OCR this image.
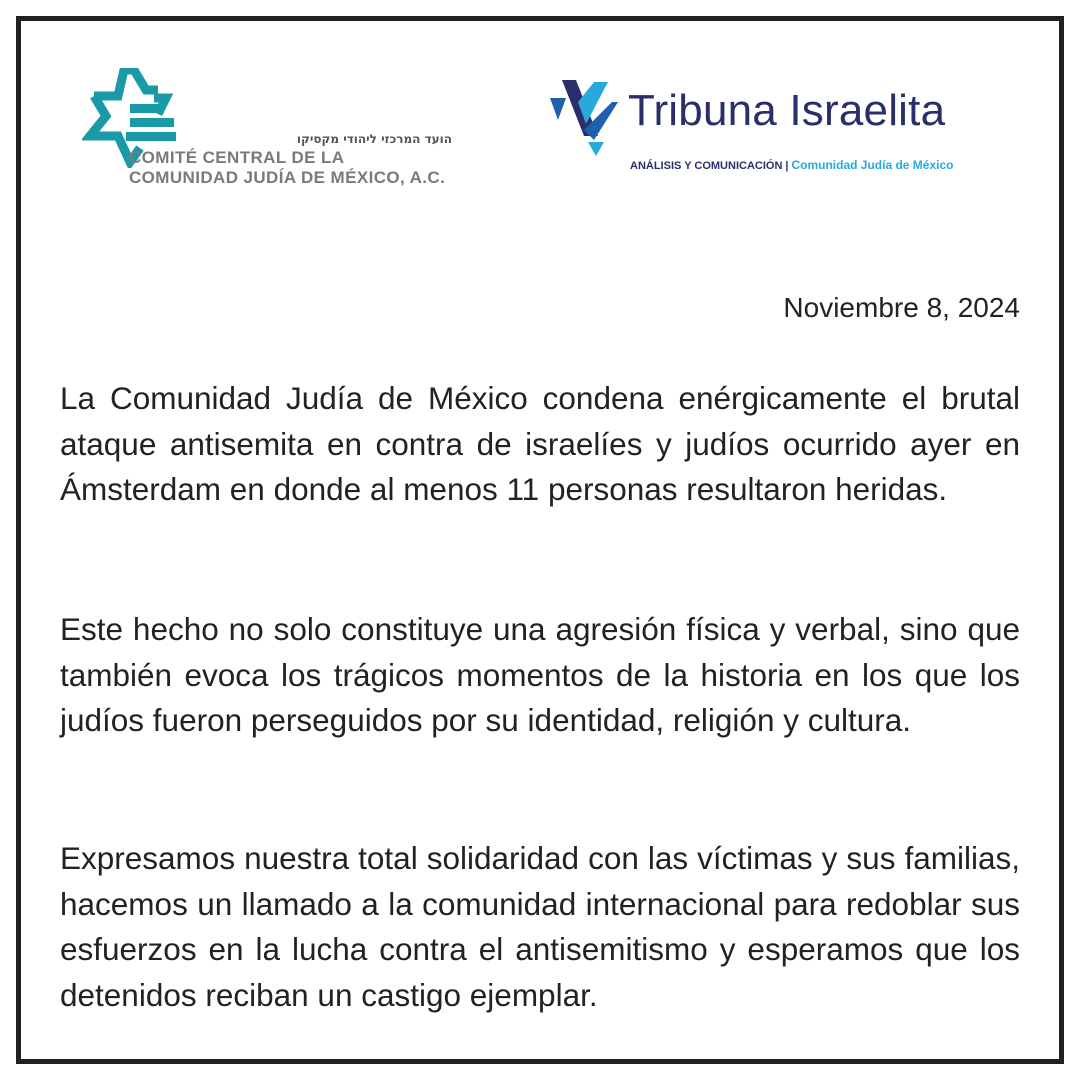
הועד המרכזי ליהודי מקסיקו
COMITÉ CENTRAL DE LA
COMUNIDAD JUDÍA DE MÉXICO, A.C.
Tribuna Israelita
ANÁLISIS Y COMUNICACIÓN | Comunidad Judía de México
Noviembre 8, 2024

La Comunidad Judía de México condena enérgicamente el brutal ataque antisemita en contra de israelíes y judíos ocurrido ayer en Ámsterdam en donde al menos 11 personas resultaron heridas.

Este hecho no solo constituye una agresión física y verbal, sino que también evoca los trágicos momentos de la historia en los que los judíos fueron perseguidos por su identidad, religión y cultura.

Expresamos nuestra total solidaridad con las víctimas y sus familias, hacemos un llamado a la comunidad internacional para redoblar sus esfuerzos en la lucha contra el antisemitismo y esperamos que los detenidos reciban un castigo ejemplar.
